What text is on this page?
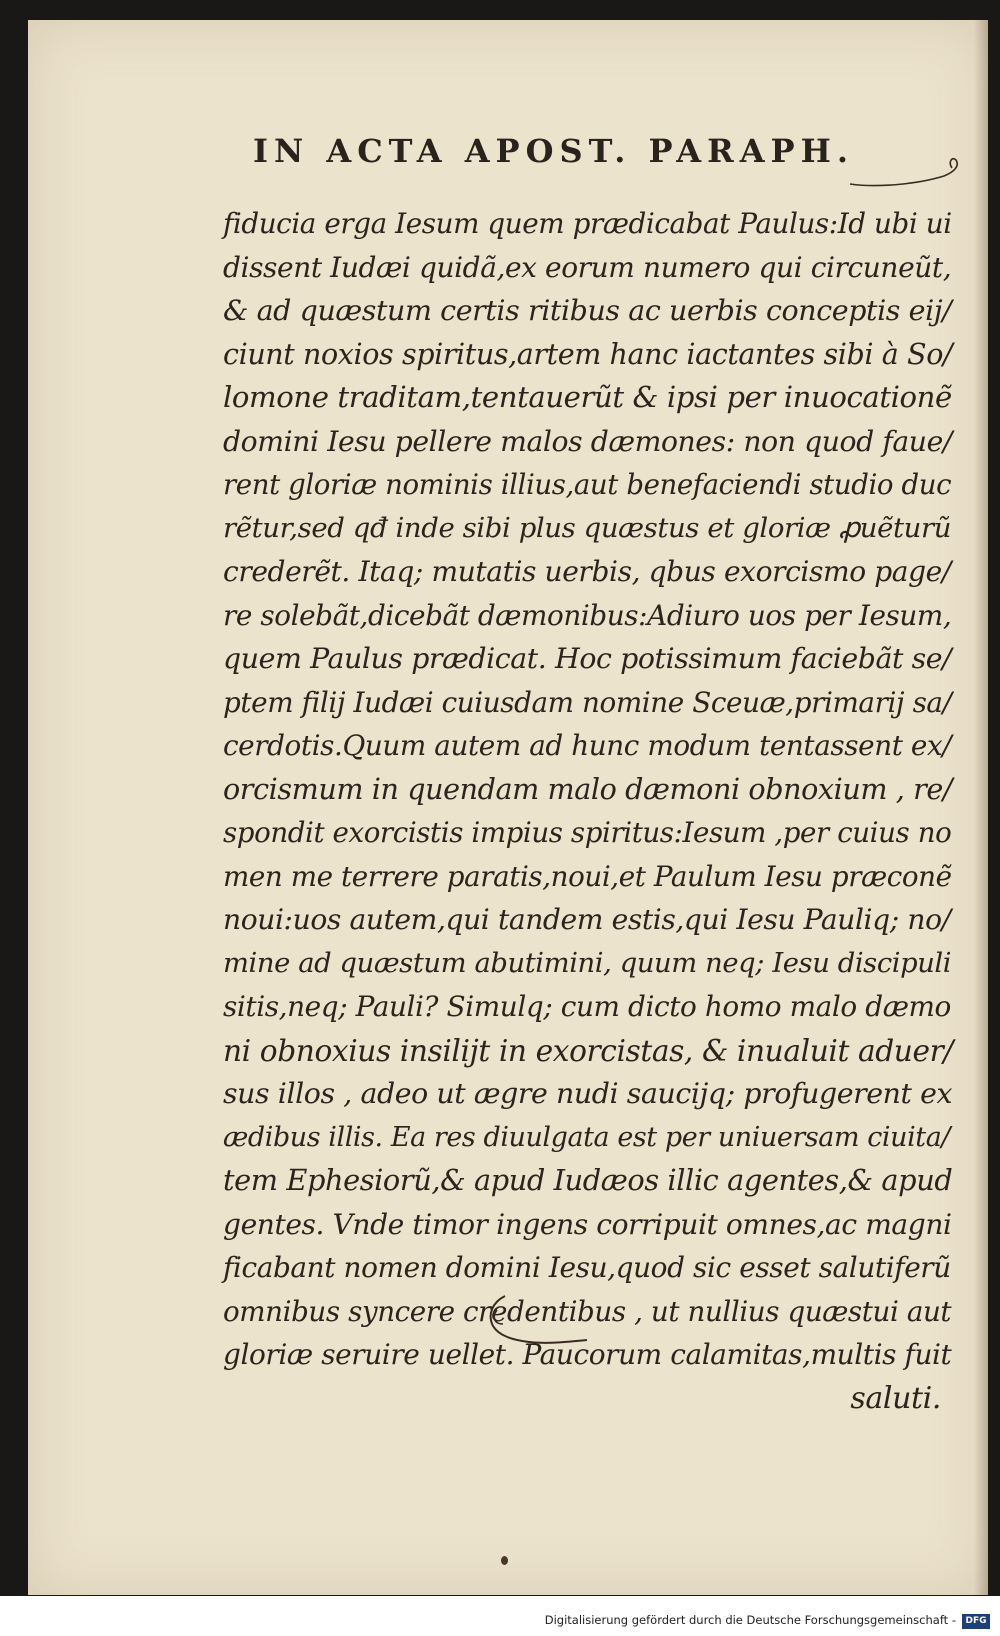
IN ACTA APOST. PARAPH.
fiducia erga Iesum quem prædicabat Paulus:Id ubi ui
dissent Iudæi quidã,ex eorum numero qui circuneũt,
& ad quæstum certis ritibus ac uerbis conceptis eij/
ciunt noxios spiritus,artem hanc iactantes sibi à So/
lomone traditam,tentauerũt & ipsi per inuocationẽ
domini Iesu pellere malos dæmones: non quod faue/
rent gloriæ nominis illius,aut benefaciendi studio duc
rẽtur,sed qđ inde sibi plus quæstus et gloriæ ꝓuẽturũ
crederẽt. Itaq; mutatis uerbis, qbus exorcismo page/
re solebãt,dicebãt dæmonibus:Adiuro uos per Iesum,
quem Paulus prædicat. Hoc potissimum faciebãt se/
ptem filij Iudæi cuiusdam nomine Sceuæ,primarij sa/
cerdotis.Quum autem ad hunc modum tentassent ex/
orcismum in quendam malo dæmoni obnoxium , re/
spondit exorcistis impius spiritus:Iesum ,per cuius no
men me terrere paratis,noui,et Paulum Iesu præconẽ
noui:uos autem,qui tandem estis,qui Iesu Pauliq; no/
mine ad quæstum abutimini, quum neq; Iesu discipuli
sitis,neq; Pauli? Simulq; cum dicto homo malo dæmo
ni obnoxius insilijt in exorcistas, & inualuit aduer/
sus illos , adeo ut ægre nudi saucijq; profugerent ex
ædibus illis. Ea res diuulgata est per uniuersam ciuita/
tem Ephesiorũ,& apud Iudæos illic agentes,& apud
gentes. Vnde timor ingens corripuit omnes,ac magni
ficabant nomen domini Iesu,quod sic esset salutiferũ
omnibus syncere credentibus , ut nullius quæstui aut
gloriæ seruire uellet. Paucorum calamitas,multis fuit
saluti.
Digitalisierung gefördert durch die Deutsche Forschungsgemeinschaft -	DFG
